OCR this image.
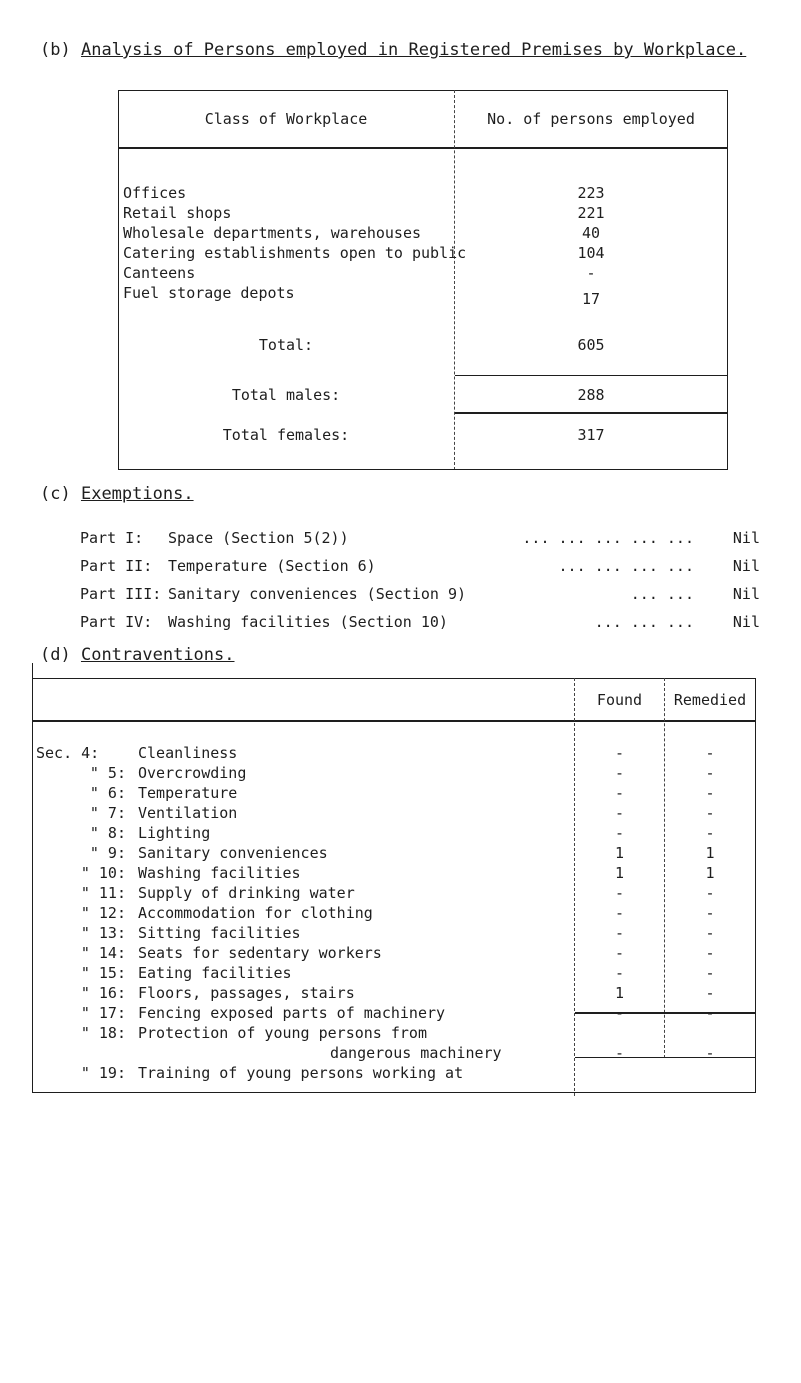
(b) Analysis of Persons employed in Registered Premises by Workplace.
Class of Workplace	No. of persons employed
Offices	223
Retail shops	221
Wholesale departments, warehouses	40
Catering establishments open to public	104
Canteens	-
Fuel storage depots	17
Total:	605
Total males:	288
Total females:	317
(c) Exemptions.
Part I: Space (Section 5(2))	... ... ... ... ...	Nil
Part II: Temperature (Section 6)	... ... ... ...	Nil
Part III: Sanitary conveniences (Section 9)	... ...	Nil
Part IV: Washing facilities (Section 10)	... ... ...	Nil
(d) Contraventions.
Found	Remedied
Sec. 4:	Cleanliness	-	-
" 5: Overcrowding	-	-
" 6: Temperature	-	-
" 7: Ventilation	-	-
" 8: Lighting	-	-
" 9: Sanitary conveniences	1	1
" 10: Washing facilities	1	1
" 11: Supply of drinking water	-	-
" 12: Accommodation for clothing	-	-
" 13: Sitting facilities	-	-
" 14: Seats for sedentary workers	-	-
" 15: Eating facilities	-	-
" 16: Floors, passages, stairs	1	-
" 17: Fencing exposed parts of machinery	-	-
" 18: Protection of young persons from
dangerous machinery	-	-
" 19: Training of young persons working at
